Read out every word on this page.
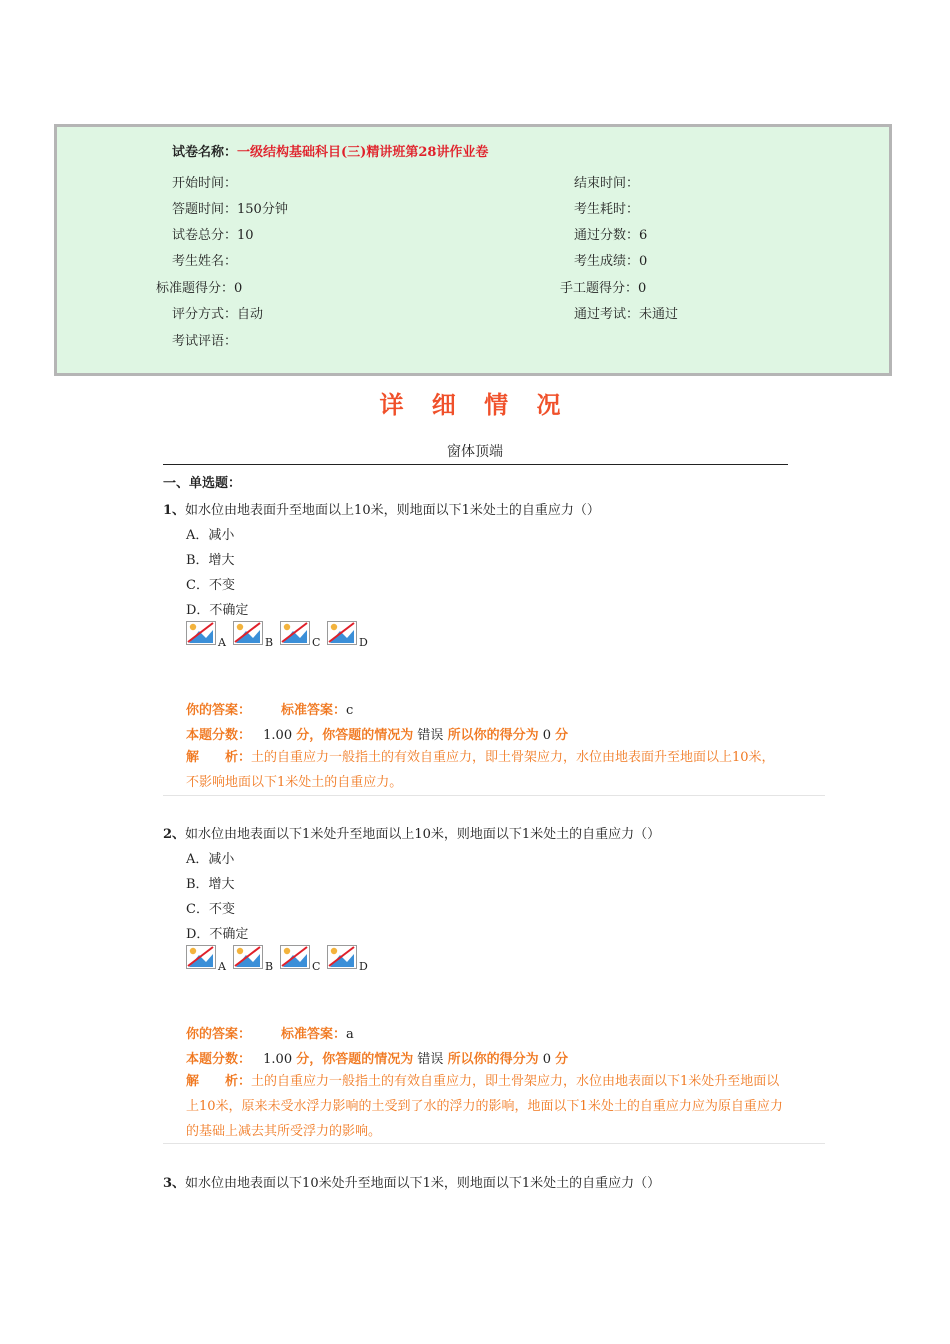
试卷名称：一级结构基础科目(三)精讲班第28讲作业卷
开始时间：	结束时间：
答题时间：150分钟	考生耗时：
试卷总分：10	通过分数：6
考生姓名：	考生成绩：0
标准题得分：0	手工题得分：0
评分方式：自动	通过考试：未通过
考试评语：
详 细 情 况
窗体顶端
一、单选题：
1、如水位由地表面升至地面以上10米，则地面以下1米处土的自重应力（）
A．减小
B．增大
C．不变
D．不确定
A	B	C	D
你的答案： 标准答案：c
本题分数： 1.00 分，你答题的情况为 错误 所以你的得分为 0 分
解　　析：土的自重应力一般指土的有效自重应力，即土骨架应力，水位由地表面升至地面以上10米，不影响地面以下1米处土的自重应力。
2、如水位由地表面以下1米处升至地面以上10米，则地面以下1米处土的自重应力（）
A．减小
B．增大
C．不变
D．不确定
A	B	C	D
你的答案： 标准答案：a
本题分数： 1.00 分，你答题的情况为 错误 所以你的得分为 0 分
解　　析：土的自重应力一般指土的有效自重应力，即土骨架应力，水位由地表面以下1米处升至地面以上10米，原来未受水浮力影响的土受到了水的浮力的影响，地面以下1米处土的自重应力应为原自重应力的基础上减去其所受浮力的影响。
3、如水位由地表面以下10米处升至地面以下1米，则地面以下1米处土的自重应力（）
